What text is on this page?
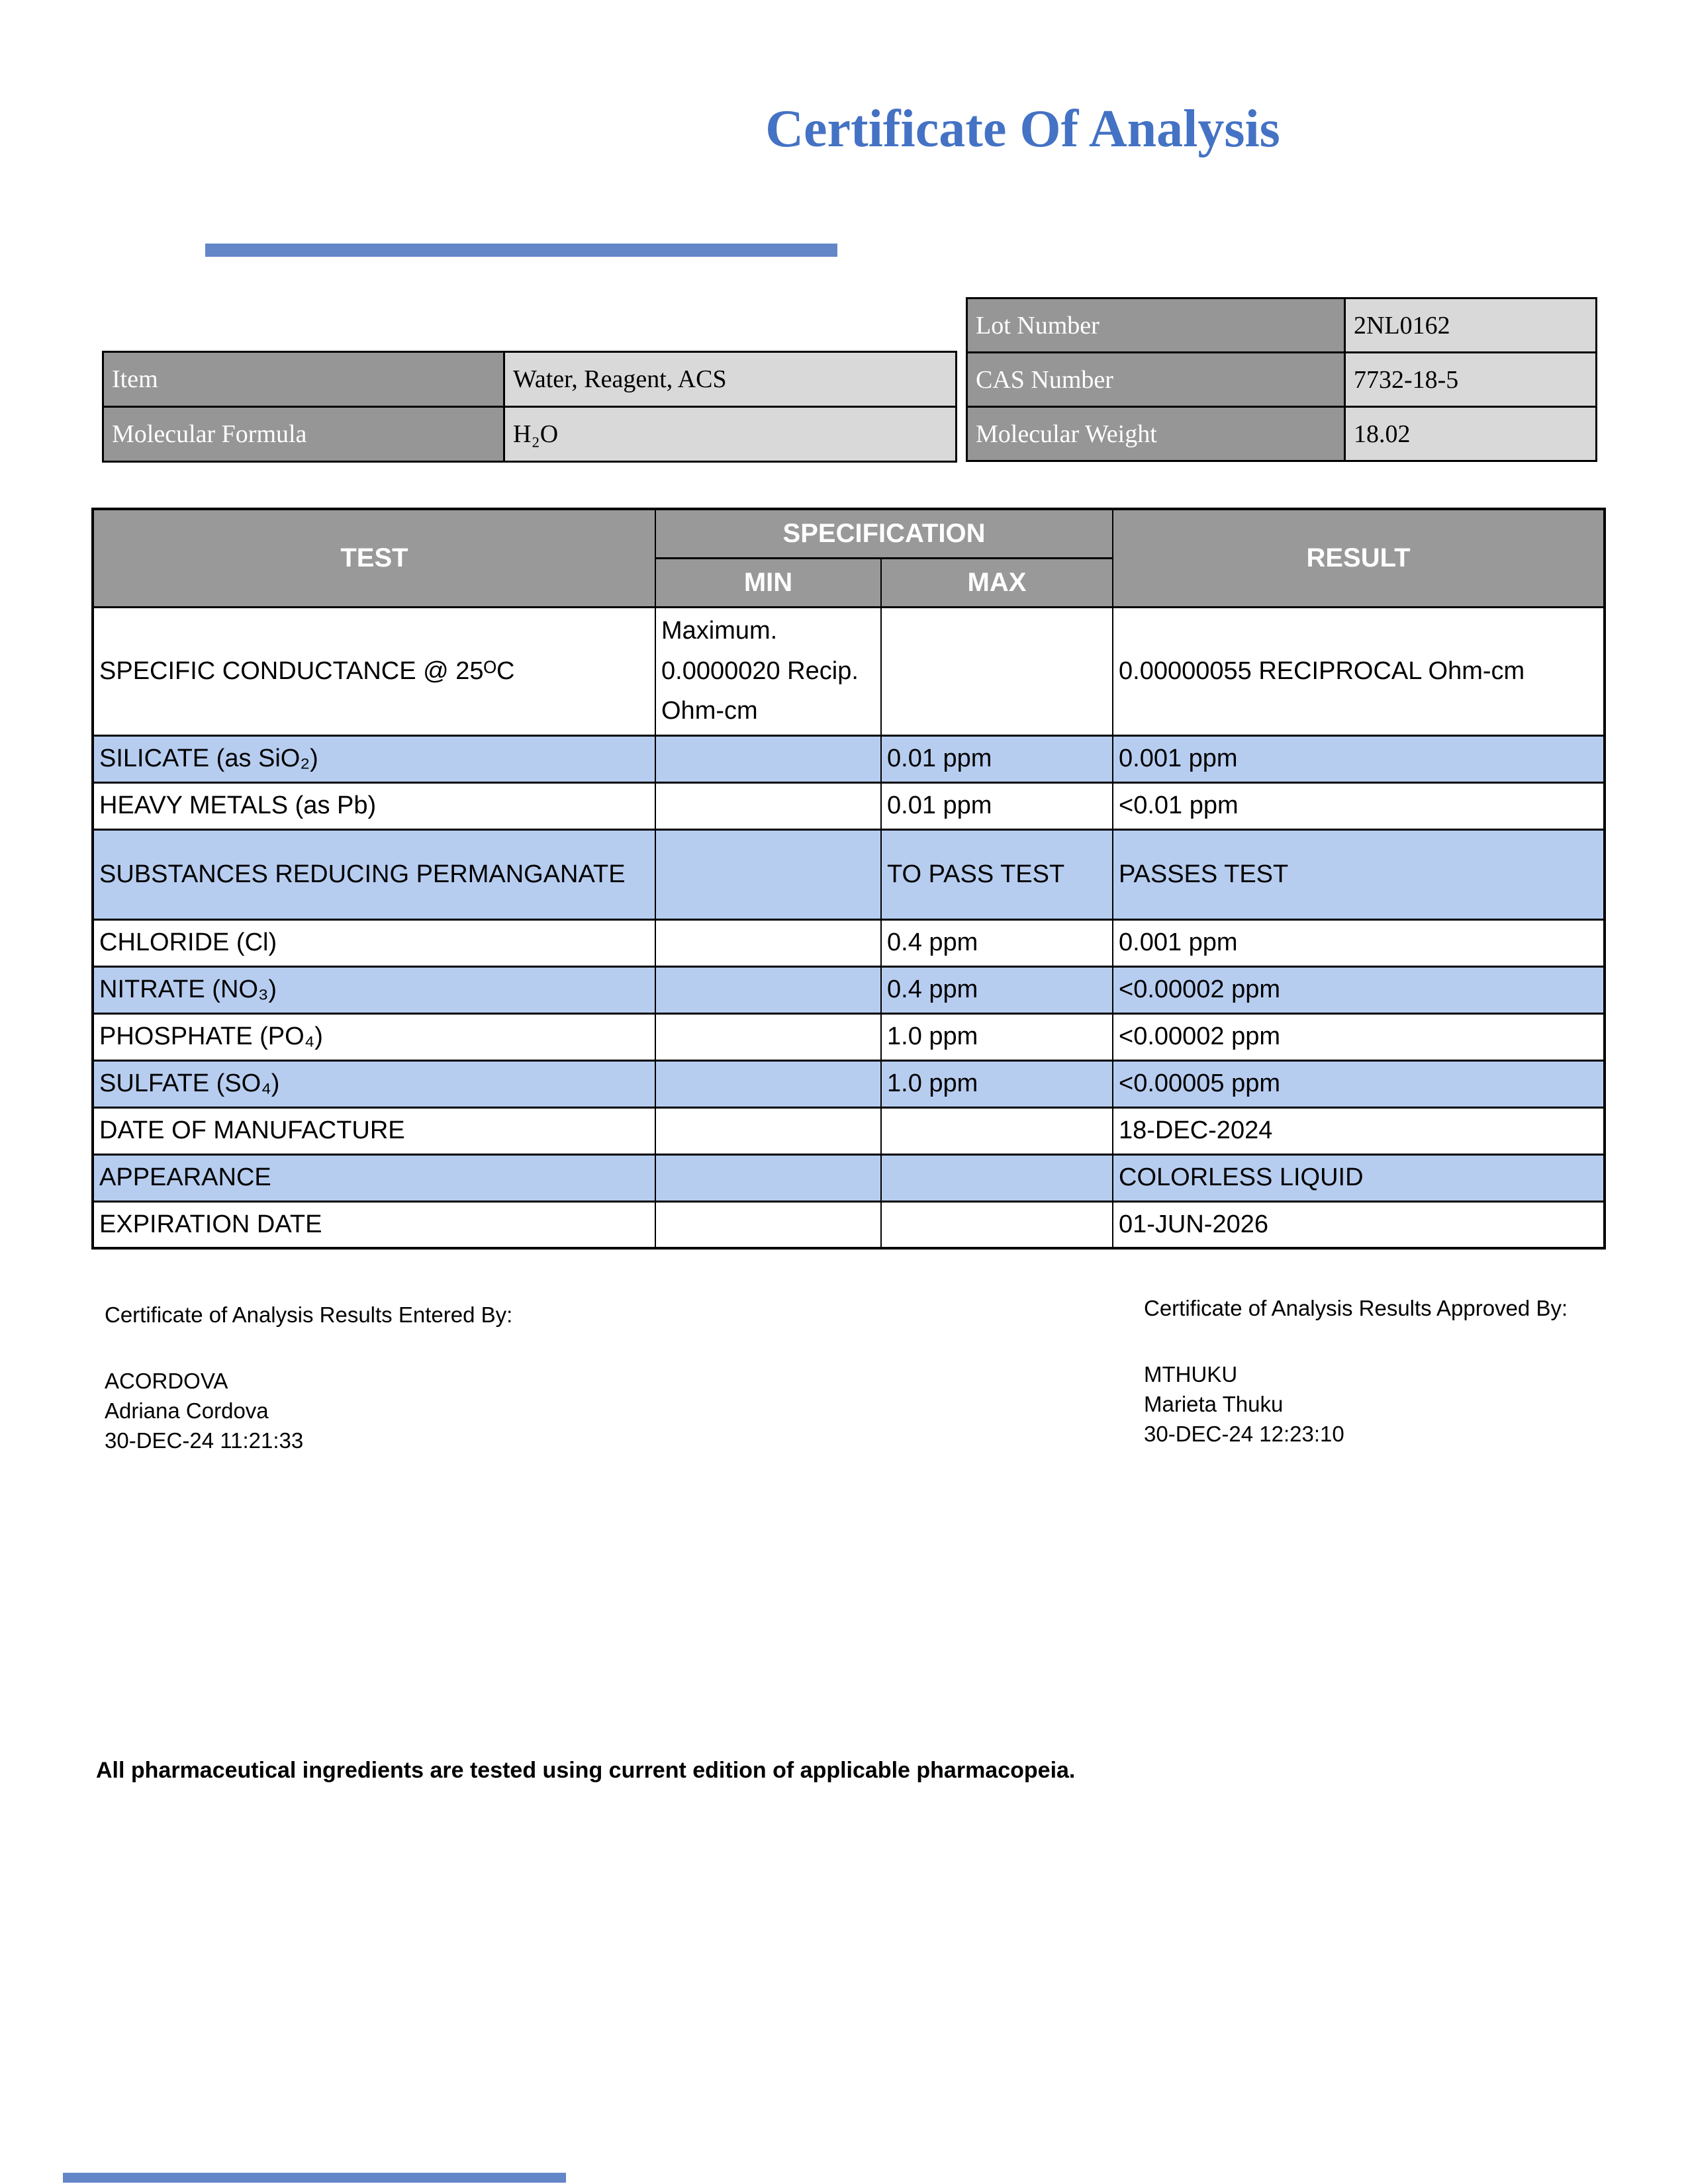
Certificate Of Analysis
Lot Number	2NL0162
CAS Number	7732-18-5
Molecular Weight	18.02
Item	Water, Reagent, ACS
Molecular Formula	H₂O
TEST	SPECIFICATION		RESULT
	MIN	MAX	
SPECIFIC CONDUCTANCE @ 25ᴼC	Maximum. 0.0000020 Recip. Ohm-cm		0.00000055 RECIPROCAL Ohm-cm
SILICATE (as SiO₂)		0.01 ppm	0.001 ppm
HEAVY METALS (as Pb)		0.01 ppm	<0.01 ppm
SUBSTANCES REDUCING PERMANGANATE		TO PASS TEST	PASSES TEST
CHLORIDE (Cl)		0.4 ppm	0.001 ppm
NITRATE (NO₃)		0.4 ppm	<0.00002 ppm
PHOSPHATE (PO₄)		1.0 ppm	<0.00002 ppm
SULFATE (SO₄)		1.0 ppm	<0.00005 ppm
DATE OF MANUFACTURE			18-DEC-2024
APPEARANCE			COLORLESS LIQUID
EXPIRATION DATE			01-JUN-2026
Certificate of Analysis Results Entered By:
ACORDOVA
Adriana Cordova
30-DEC-24 11:21:33
Certificate of Analysis Results Approved By:
MTHUKU
Marieta Thuku
30-DEC-24 12:23:10

All pharmaceutical ingredients are tested using current edition of applicable pharmacopeia.
